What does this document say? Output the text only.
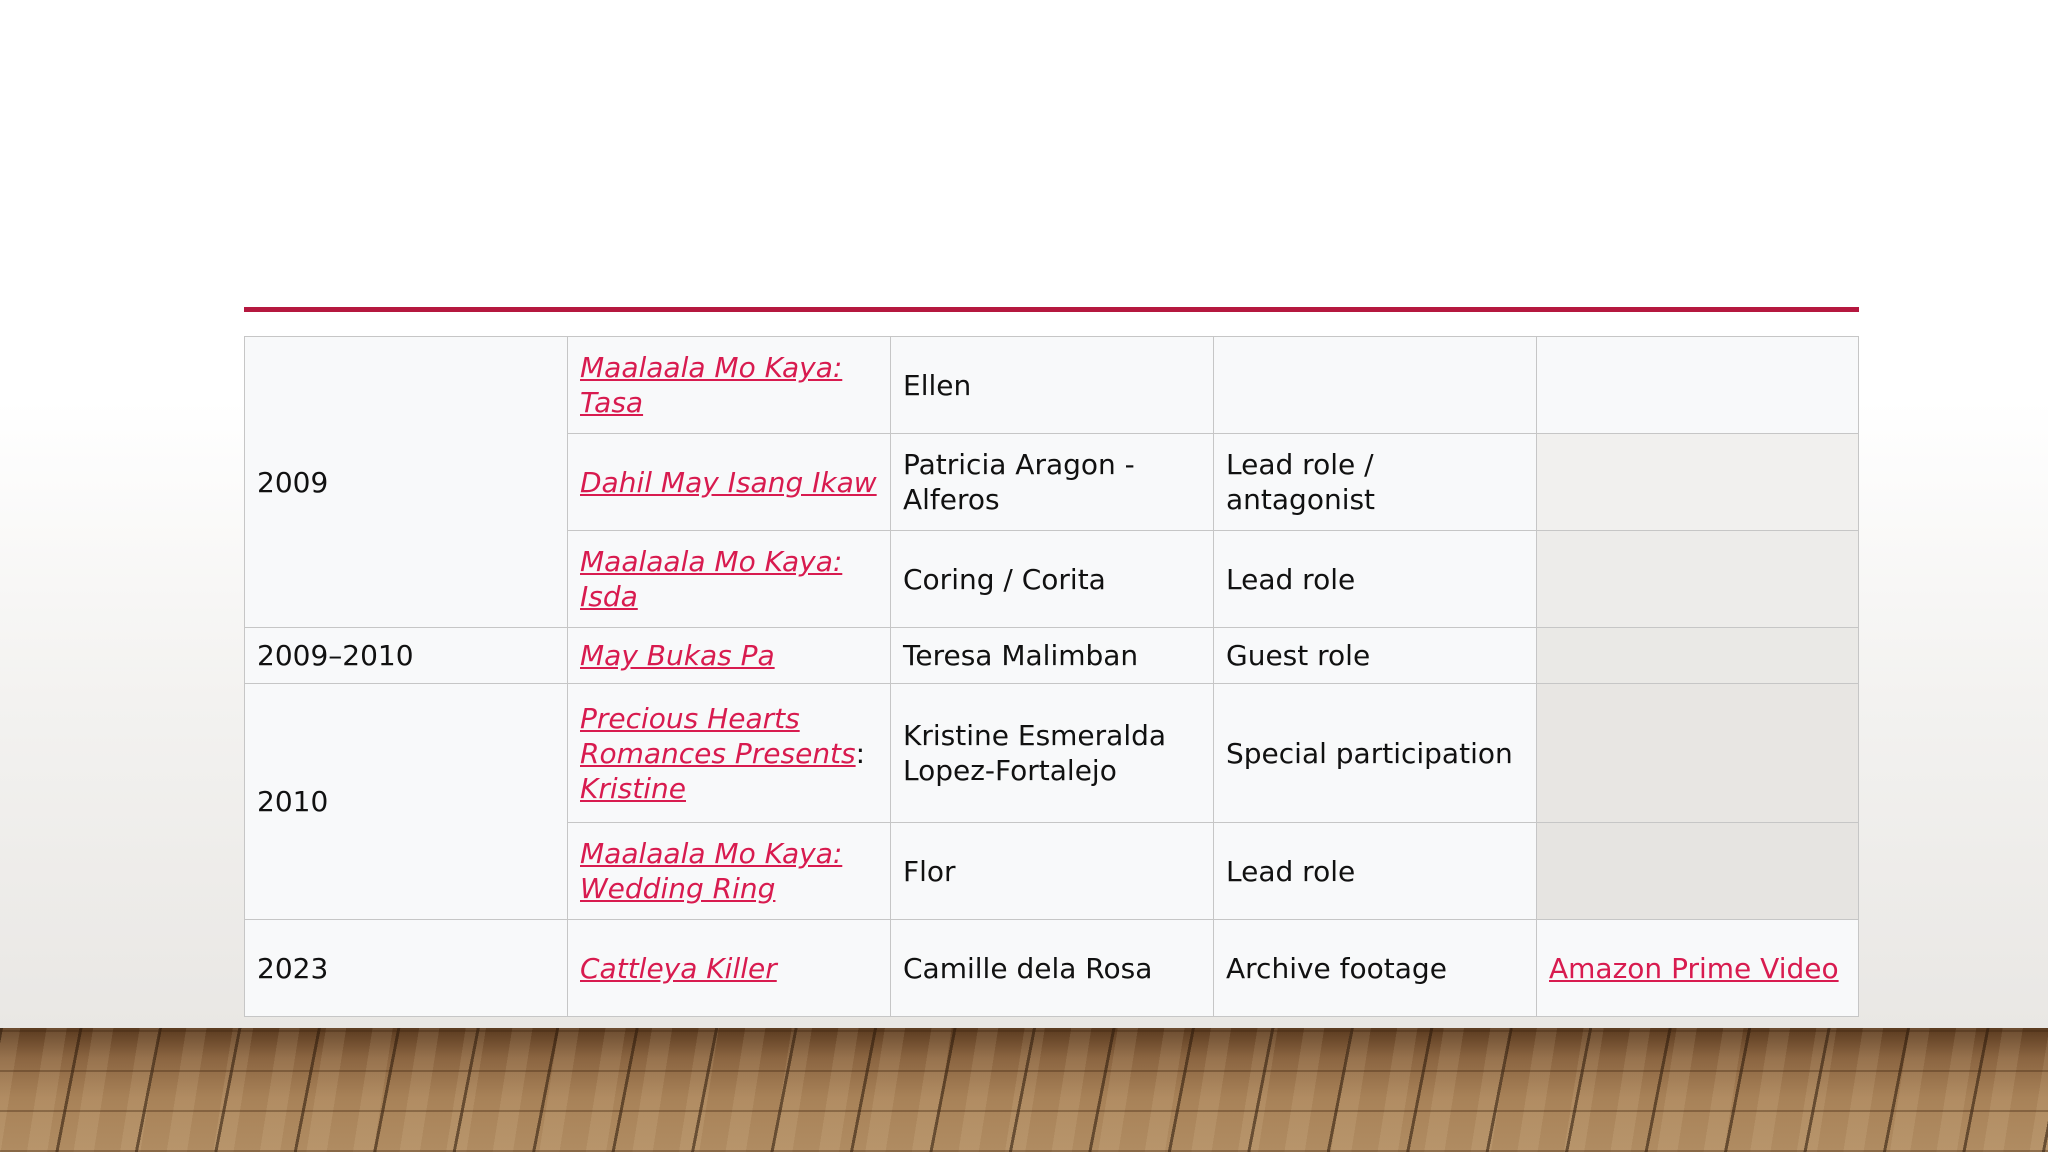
2009	Maalaala Mo Kaya: Tasa	Ellen		
	Dahil May Isang Ikaw	Patricia Aragon - Alferos	Lead role / antagonist	
	Maalaala Mo Kaya: Isda	Coring / Corita	Lead role	
2009–2010	May Bukas Pa	Teresa Malimban	Guest role	
2010	Precious Hearts Romances Presents: Kristine	Kristine Esmeralda Lopez-Fortalejo	Special participation	
	Maalaala Mo Kaya: Wedding Ring	Flor	Lead role	
2023	Cattleya Killer	Camille dela Rosa	Archive footage	Amazon Prime Video
